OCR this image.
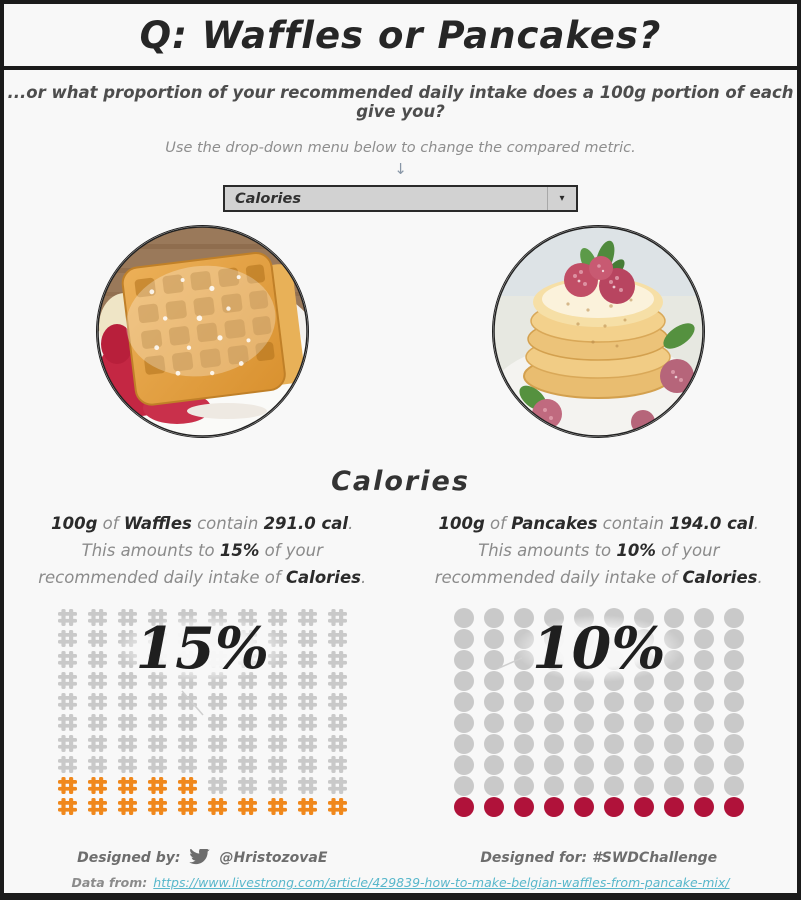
Q: Waffles or Pancakes?
...or what proportion of your recommended daily intake does a 100g portion of each give you?
Use the drop-down menu below to change the compared metric.
↓
Calories	▾
Calories
100g of Waffles contain 291.0 cal.
This amounts to 15% of your
recommended daily intake of Calories.
100g of Pancakes contain 194.0 cal.
This amounts to 10% of your
recommended daily intake of Calories.
15%	10%
Designed by:	@HristozovaE	Designed for: #SWDChallenge
Data from: https://www.livestrong.com/article/429839-how-to-make-belgian-waffles-from-pancake-mix/
